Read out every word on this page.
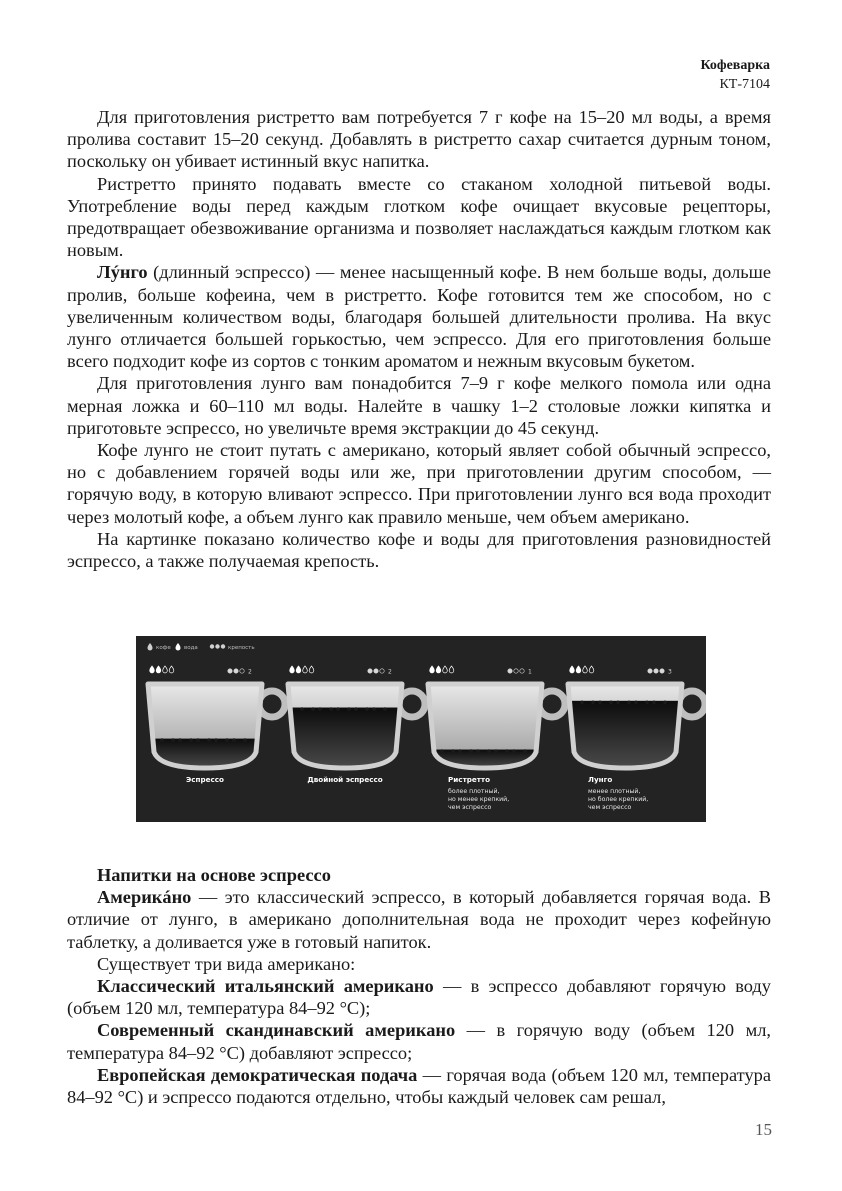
Кофеварка
КТ-7104

Для приготовления ристретто вам потребуется 7 г кофе на 15–20 мл воды, а время пролива составит 15–20 секунд. Добавлять в ристретто сахар считается дурным тоном, поскольку он убивает истинный вкус напитка.

Ристретто принято подавать вместе со стаканом холодной питьевой воды. Употребление воды перед каждым глотком кофе очищает вкусовые рецепторы, предотвращает обезвоживание организма и позволяет наслаждаться каждым глотком как новым.

Лýнго (длинный эспрессо) — менее насыщенный кофе. В нем больше воды, дольше пролив, больше кофеина, чем в ристретто. Кофе готовится тем же способом, но с увеличенным количеством воды, благодаря большей длительности пролива. На вкус лунго отличается большей горькостью, чем эспрессо. Для его приготовления больше всего подходит кофе из сортов с тонким ароматом и нежным вкусовым букетом.

Для приготовления лунго вам понадобится 7–9 г кофе мелкого помола или одна мерная ложка и 60–110 мл воды. Налейте в чашку 1–2 столовые ложки кипятка и приготовьте эспрессо, но увеличьте время экстракции до 45 секунд.

Кофе лунго не стоит путать с американо, который являет собой обычный эспрессо, но с добавлением горячей воды или же, при приготовлении другим способом, — горячую воду, в которую вливают эспрессо. При приготовлении лунго вся вода проходит через молотый кофе, а объем лунго как правило меньше, чем объем американо.

На картинке показано количество кофе и воды для приготовления разновидностей эспрессо, а также получаемая крепость.

кофе вода	крепость
2
Эспрессо
2
Двойной эспрессо
1
Ристретто
более плотный,
но менее крепкий,
чем эспрессо
3
Лунго
менее плотный,
но более крепкий,
чем эспрессо

Напитки на основе эспрессо

Америкáно — это классический эспрессо, в который добавляется горячая вода. В отличие от лунго, в американо дополнительная вода не проходит через кофейную таблетку, а доливается уже в готовый напиток.

Существует три вида американо:

Классический итальянский американо — в эспрессо добавляют горячую воду (объем 120 мл, температура 84–92 °C);

Современный скандинавский американо — в горячую воду (объем 120 мл, температура 84–92 °C) добавляют эспрессо;

Европейская демократическая подача — горячая вода (объем 120 мл, температура 84–92 °C) и эспрессо подаются отдельно, чтобы каждый человек сам решал,

15
